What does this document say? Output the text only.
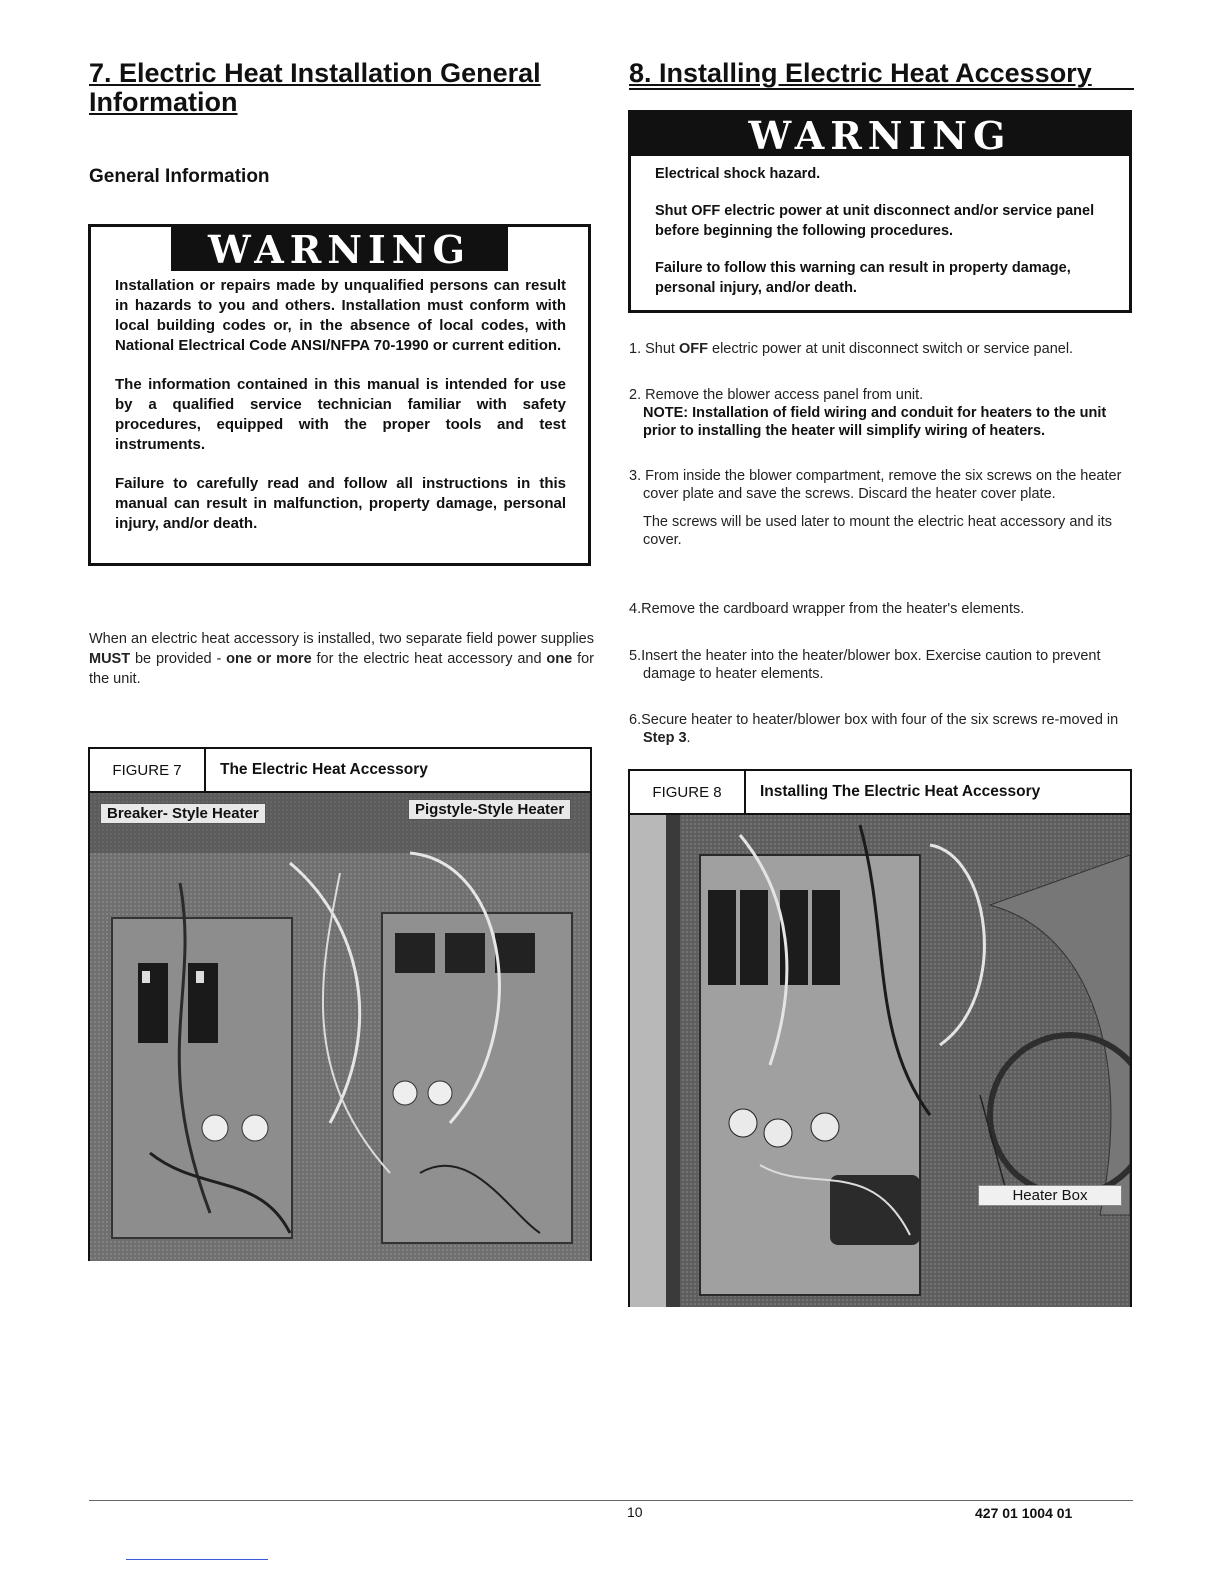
7. Electric Heat Installation General Information
General Information
WARNING

Installation or repairs made by unqualified persons can result in hazards to you and others. Installation must conform with local building codes or, in the absence of local codes, with National Electrical Code ANSI/NFPA 70-1990 or current edition.

The information contained in this manual is intended for use by a qualified service technician familiar with safety procedures, equipped with the proper tools and test instruments.

Failure to carefully read and follow all instructions in this manual can result in malfunction, property damage, personal injury, and/or death.

When an electric heat accessory is installed, two separate field power supplies MUST be provided - one or more for the electric heat accessory and one for the unit.
FIGURE 7	The Electric Heat Accessory
Breaker- Style Heater	Pigstyle-Style Heater
8. Installing Electric Heat Accessory
WARNING

Electrical shock hazard.

Shut OFF electric power at unit disconnect and/or service panel before beginning the following procedures.

Failure to follow this warning can result in property damage, personal injury, and/or death.

1. Shut OFF electric power at unit disconnect switch or service panel.
2. Remove the blower access panel from unit.
NOTE: Installation of field wiring and conduit for heaters to the unit prior to installing the heater will simplify wiring of heaters.
3. From inside the blower compartment, remove the six screws on the heater cover plate and save the screws. Discard the heater cover plate.
The screws will be used later to mount the electric heat accessory and its cover.
4.Remove the cardboard wrapper from the heater's elements.
5.Insert the heater into the heater/blower box. Exercise caution to prevent damage to heater elements.
6.Secure heater to heater/blower box with four of the six screws re-moved in Step 3.
FIGURE 8	Installing The Electric Heat Accessory
Heater Box
10	427 01 1004 01
